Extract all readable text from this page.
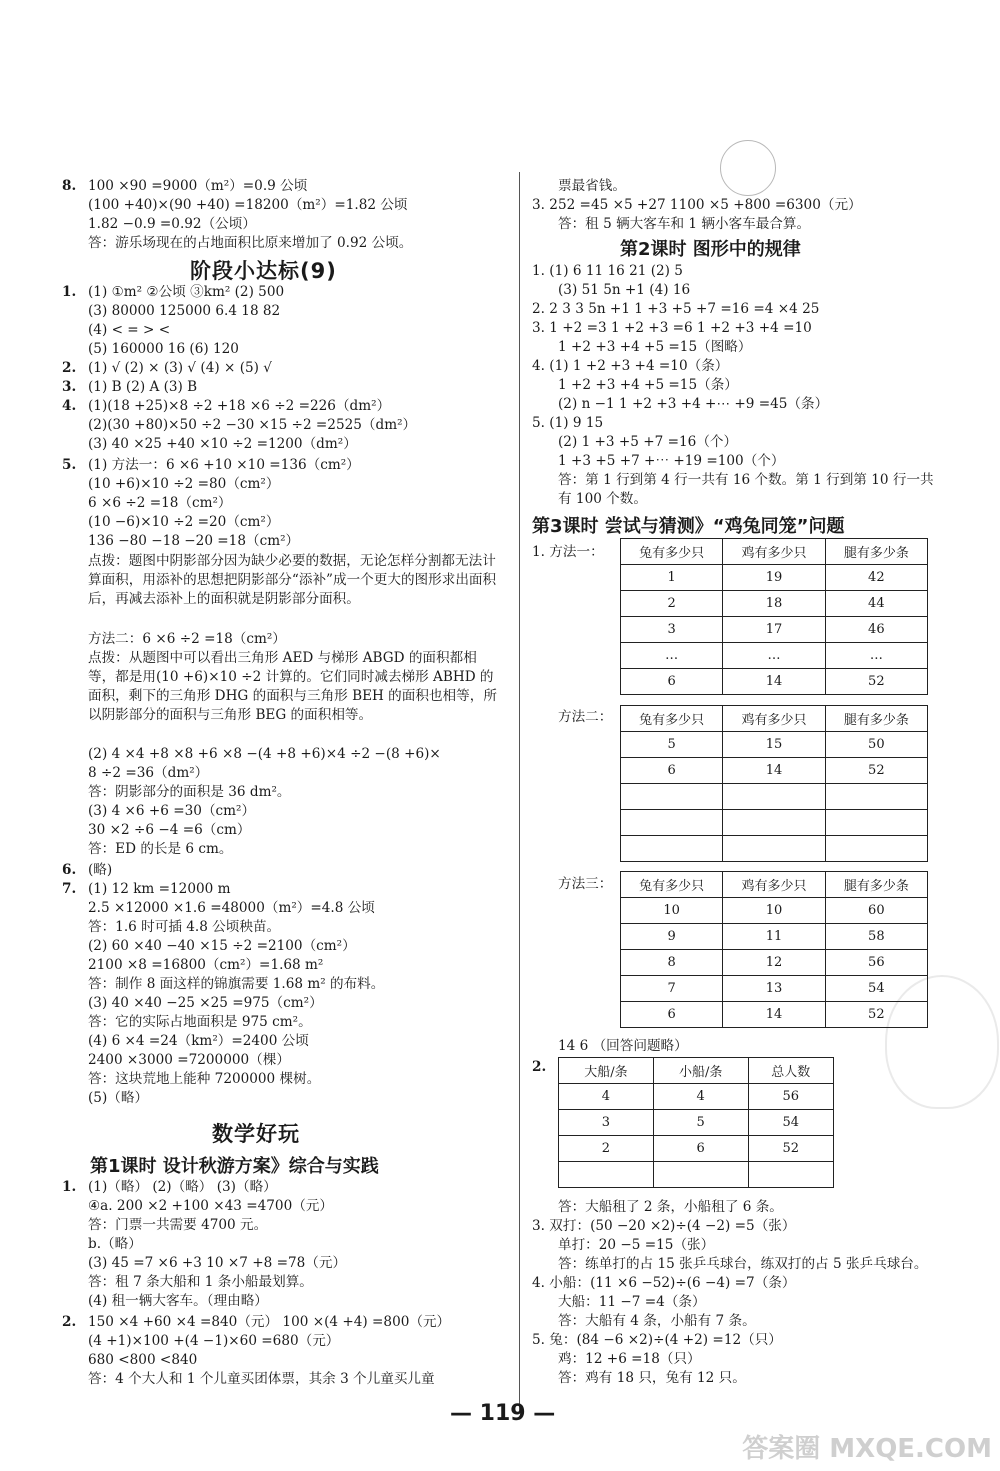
8. 100 ×90 =9000（m²）=0.9 公顷
(100 +40)×(90 +40) =18200（m²）=1.82 公顷
1.82 −0.9 =0.92（公顷）
答：游乐场现在的占地面积比原来增加了 0.92 公顷。
阶段小达标(9)
1. (1) ①m² ②公顷 ③km² (2) 500
(3) 80000 125000 6.4 18 82
(4) < = > <
(5) 160000 16 (6) 120
2. (1) √ (2) × (3) √ (4) × (5) √
3. (1) B (2) A (3) B
4. (1)(18 +25)×8 ÷2 +18 ×6 ÷2 =226（dm²）
(2)(30 +80)×50 ÷2 −30 ×15 ÷2 =2525（dm²）
(3) 40 ×25 +40 ×10 ÷2 =1200（dm²）
5. (1) 方法一：6 ×6 +10 ×10 =136（cm²）
(10 +6)×10 ÷2 =80（cm²）
6 ×6 ÷2 =18（cm²）
(10 −6)×10 ÷2 =20（cm²）
136 −80 −18 −20 =18（cm²）
点拨：题图中阴影部分因为缺少必要的数据，无论怎样分割都无法计算面积，用添补的思想把阴影部分“添补”成一个更大的图形求出面积后，再减去添补上的面积就是阴影部分面积。
方法二：6 ×6 ÷2 =18（cm²）
点拨：从题图中可以看出三角形 AED 与梯形 ABGD 的面积都相等，都是用(10 +6)×10 ÷2 计算的。它们同时减去梯形 ABHD 的面积，剩下的三角形 DHG 的面积与三角形 BEH 的面积也相等，所以阴影部分的面积与三角形 BEG 的面积相等。
(2) 4 ×4 +8 ×8 +6 ×8 −(4 +8 +6)×4 ÷2 −(8 +6)×
8 ÷2 =36（dm²）
答：阴影部分的面积是 36 dm²。
(3) 4 ×6 +6 =30（cm²）
30 ×2 ÷6 −4 =6（cm）
答：ED 的长是 6 cm。
6. (略)
7. (1) 12 km =12000 m
2.5 ×12000 ×1.6 =48000（m²）=4.8 公顷
答：1.6 时可插 4.8 公顷秧苗。
(2) 60 ×40 −40 ×15 ÷2 =2100（cm²）
2100 ×8 =16800（cm²）=1.68 m²
答：制作 8 面这样的锦旗需要 1.68 m² 的布料。
(3) 40 ×40 −25 ×25 =975（cm²）
答：它的实际占地面积是 975 cm²。
(4) 6 ×4 =24（km²）=2400 公顷
2400 ×3000 =7200000（棵）
答：这块荒地上能种 7200000 棵树。
(5)（略）
数学好玩
第1课时 设计秋游方案》综合与实践
1. (1)（略） (2)（略） (3)（略）
④a. 200 ×2 +100 ×43 =4700（元）
答：门票一共需要 4700 元。
b.（略）
(3) 45 =7 ×6 +3 10 ×7 +8 =78（元）
答：租 7 条大船和 1 条小船最划算。
(4) 租一辆大客车。（理由略）
2. 150 ×4 +60 ×4 =840（元） 100 ×(4 +4) =800（元）
(4 +1)×100 +(4 −1)×60 =680（元）
680 <800 <840
答：4 个大人和 1 个儿童买团体票，其余 3 个儿童买儿童
票最省钱。
3. 252 =45 ×5 +27 1100 ×5 +800 =6300（元）
答：租 5 辆大客车和 1 辆小客车最合算。
第2课时 图形中的规律
1. (1) 6 11 16 21 (2) 5
(3) 51 5n +1 (4) 16
2. 2 3 3 5n +1 1 +3 +5 +7 =16 =4 ×4 25
3. 1 +2 =3 1 +2 +3 =6 1 +2 +3 +4 =10
1 +2 +3 +4 +5 =15（图略）
4. (1) 1 +2 +3 +4 =10（条）
1 +2 +3 +4 +5 =15（条）
(2) n −1 1 +2 +3 +4 +⋯ +9 =45（条）
5. (1) 9 15
(2) 1 +3 +5 +7 =16（个）
1 +3 +5 +7 +⋯ +19 =100（个）
答：第 1 行到第 4 行一共有 16 个数。第 1 行到第 10 行一共有 100 个数。
第3课时 尝试与猜测》“鸡兔同笼”问题
1. 方法一：	兔有多少只	鸡有多少只	腿有多少条
1	19	42
2	18	44
3	17	46
…	…	…
6	14	52
方法二： 兔有多少只	鸡有多少只	腿有多少条
5	15	50
6	14	52

方法三： 兔有多少只	鸡有多少只	腿有多少条
10	10	60
9	11	58
8	12	56
7	13	54
6	14	52
14 6 （回答问题略）
2.	大船/条	小船/条	总人数
4	4	56
3	5	54
2	6	52

答：大船租了 2 条，小船租了 6 条。
3. 双打：(50 −20 ×2)÷(4 −2) =5（张）
单打：20 −5 =15（张）
答：练单打的占 15 张乒乓球台，练双打的占 5 张乒乓球台。
4. 小船：(11 ×6 −52)÷(6 −4) =7（条）
大船：11 −7 =4（条）
答：大船有 4 条，小船有 7 条。
5. 兔：(84 −6 ×2)÷(4 +2) =12（只）
鸡：12 +6 =18（只）
答：鸡有 18 只，兔有 12 只。
— 119 —
答案圈 MXQE.COM
